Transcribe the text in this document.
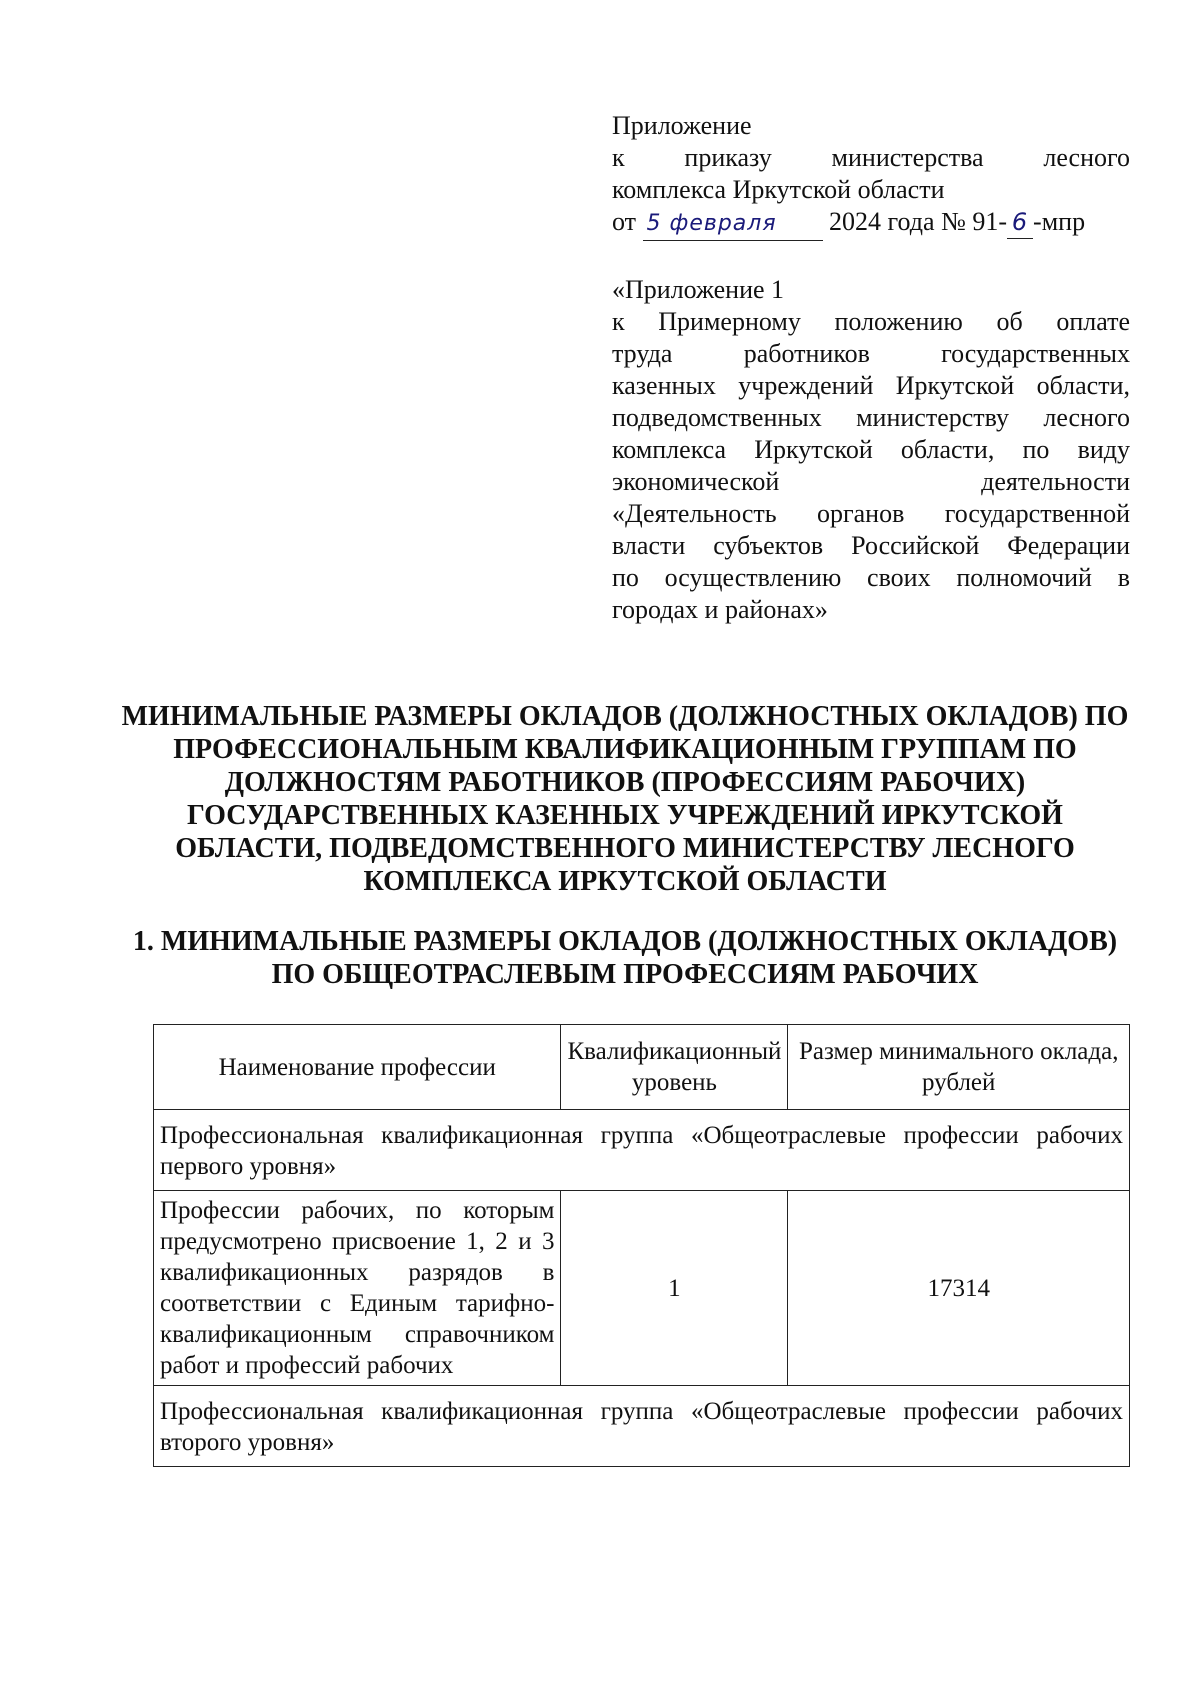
Приложение

к приказу министерства лесного

комплекса Иркутской области

от 5 февраля 2024 года № 91- 6 -мпр

«Приложение 1

к Примерному положению об оплате

труда работников государственных

казенных учреждений Иркутской области,

подведомственных министерству лесного

комплекса Иркутской области, по виду

экономической деятельности

«Деятельность органов государственной

власти субъектов Российской Федерации

по осуществлению своих полномочий в

городах и районах»

МИНИМАЛЬНЫЕ РАЗМЕРЫ ОКЛАДОВ (ДОЛЖНОСТНЫХ ОКЛАДОВ) ПО ПРОФЕССИОНАЛЬНЫМ КВАЛИФИКАЦИОННЫМ ГРУППАМ ПО ДОЛЖНОСТЯМ РАБОТНИКОВ (ПРОФЕССИЯМ РАБОЧИХ) ГОСУДАРСТВЕННЫХ КАЗЕННЫХ УЧРЕЖДЕНИЙ ИРКУТСКОЙ ОБЛАСТИ, ПОДВЕДОМСТВЕННОГО МИНИСТЕРСТВУ ЛЕСНОГО КОМПЛЕКСА ИРКУТСКОЙ ОБЛАСТИ
1. МИНИМАЛЬНЫЕ РАЗМЕРЫ ОКЛАДОВ (ДОЛЖНОСТНЫХ ОКЛАДОВ) ПО ОБЩЕОТРАСЛЕВЫМ ПРОФЕССИЯМ РАБОЧИХ
Наименование профессии	Квалификационный уровень	Размер минимального оклада, рублей
Профессиональная квалификационная группа «Общеотраслевые профессии рабочих первого уровня»		
Профессии рабочих, по которым предусмотрено присвоение 1, 2 и 3 квалификационных разрядов в соответствии с Единым тарифно-квалификационным справочником работ и профессий рабочих	1	17314
Профессиональная квалификационная группа «Общеотраслевые профессии рабочих второго уровня»		
